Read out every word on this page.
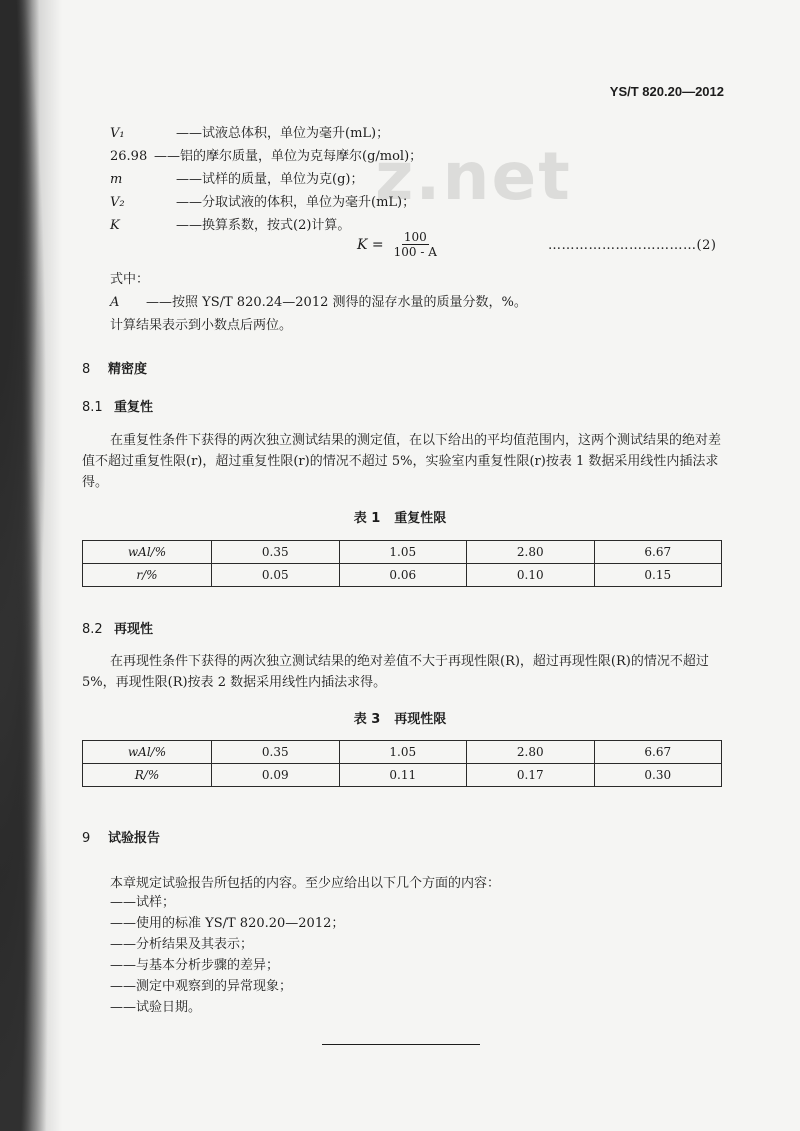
z.net
YS/T 820.20—2012
V₁	——试液总体积，单位为毫升(mL)；
26.98 ——铝的摩尔质量，单位为克每摩尔(g/mol)；
m	——试样的质量，单位为克(g)；
V₂	——分取试液的体积，单位为毫升(mL)；
K	——换算系数，按式(2)计算。
$K = \frac{100}{100 - A}$	……………………………(2)
式中：
A ——按照 YS/T 820.24—2012 测得的湿存水量的质量分数，%。
计算结果表示到小数点后两位。
8 精密度
8.1 重复性
在重复性条件下获得的两次独立测试结果的测定值，在以下给出的平均值范围内，这两个测试结果的绝对差值不超过重复性限(r)，超过重复性限(r)的情况不超过 5%，实验室内重复性限(r)按表 1 数据采用线性内插法求得。
表 1 重复性限
wAl/%	0.35	1.05	2.80	6.67
r/%	0.05	0.06	0.10	0.15
8.2 再现性
在再现性条件下获得的两次独立测试结果的绝对差值不大于再现性限(R)，超过再现性限(R)的情况不超过 5%，再现性限(R)按表 2 数据采用线性内插法求得。
表 3 再现性限
wAl/%	0.35	1.05	2.80	6.67
R/%	0.09	0.11	0.17	0.30
9 试验报告
本章规定试验报告所包括的内容。至少应给出以下几个方面的内容：
——试样；
——使用的标准 YS/T 820.20—2012；
——分析结果及其表示；
——与基本分析步骤的差异；
——测定中观察到的异常现象；
——试验日期。
